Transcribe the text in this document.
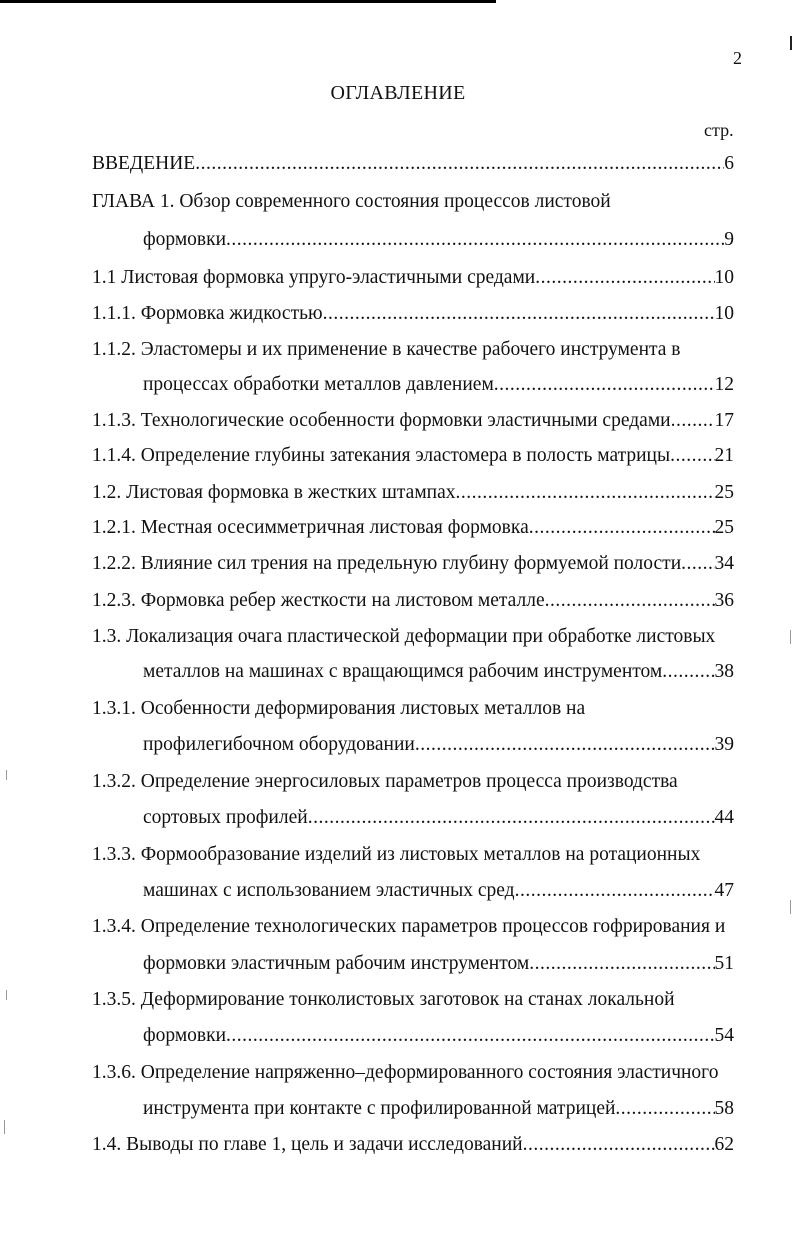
2
ОГЛАВЛЕНИЕ
стр.
ВВЕДЕНИЕ .....	6
ГЛАВА 1. Обзор современного состояния процессов листовой
формовки .....	9
1.1 Листовая формовка упруго-эластичными средами .....	10
1.1.1. Формовка жидкостью .....	10
1.1.2. Эластомеры и их применение в качестве рабочего инструмента в
процессах обработки металлов давлением .....	12
1.1.3. Технологические особенности формовки эластичными средами ..... 17
1.1.4. Определение глубины затекания эластомера в полость матрицы ..... 21
1.2. Листовая формовка в жестких штампах .....	25
1.2.1. Местная осесимметричная листовая формовка .....	25
1.2.2. Влияние сил трения на предельную глубину формуемой полости ..... 34
1.2.3. Формовка ребер жесткости на листовом металле .....	36
1.3. Локализация очага пластической деформации при обработке листовых
металлов на машинах с вращающимся рабочим инструментом .....	38
1.3.1. Особенности деформирования листовых металлов на
профилегибочном оборудовании .....	39
1.3.2. Определение энергосиловых параметров процесса производства
сортовых профилей .....	44
1.3.3. Формообразование изделий из листовых металлов на ротационных
машинах с использованием эластичных сред .....	47
1.3.4. Определение технологических параметров процессов гофрирования и
формовки эластичным рабочим инструментом .....	51
1.3.5. Деформирование тонколистовых заготовок на станах локальной
формовки .....	54
1.3.6. Определение напряженно–деформированного состояния эластичного
инструмента при контакте с профилированной матрицей .....	58
1.4. Выводы по главе 1, цель и задачи исследований .....	62
